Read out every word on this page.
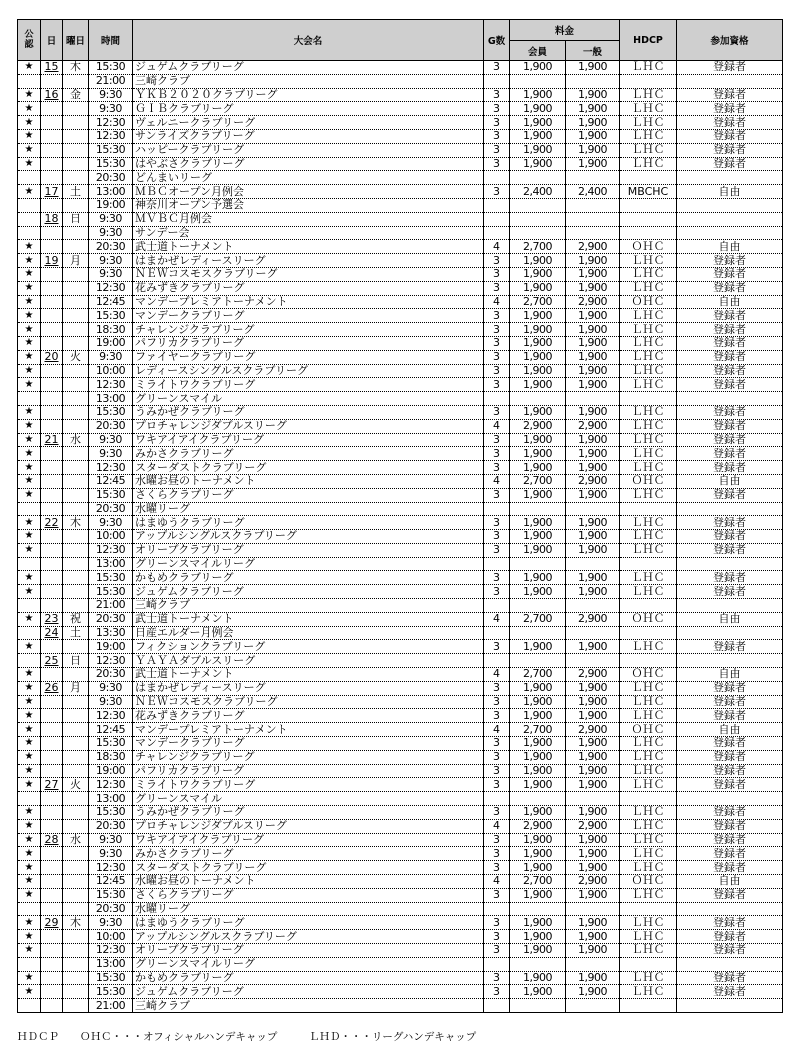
公認	日	曜日	時間	大会名	G数	料金		HDCP	参加資格
						会員	一般		
★	15	木	15:30	ジュゲムクラブリーグ	3	1,900	1,900	ＬＨＣ	登録者
			21:00	三崎クラブ					
★	16	金	9:30	ＹＫＢ２０２０クラブリーグ	3	1,900	1,900	ＬＨＣ	登録者
★			9:30	ＧＩＢクラブリーグ	3	1,900	1,900	ＬＨＣ	登録者
★			12:30	ヴェルニークラブリーグ	3	1,900	1,900	ＬＨＣ	登録者
★			12:30	サンライズクラブリーグ	3	1,900	1,900	ＬＨＣ	登録者
★			15:30	ハッピークラブリーグ	3	1,900	1,900	ＬＨＣ	登録者
★			15:30	はやぶさクラブリーグ	3	1,900	1,900	ＬＨＣ	登録者
			20:30	どんまいリーグ					
★	17	土	13:00	ＭＢＣオープン月例会	3	2,400	2,400	MBCHC	自由
			19:00	神奈川オープン予選会					
	18	日	9:30	ＭＶＢＣ月例会					
			9:30	サンデー会					
★			20:30	武士道トーナメント	4	2,700	2,900	ＯＨＣ	自由
★	19	月	9:30	はまかぜレディースリーグ	3	1,900	1,900	ＬＨＣ	登録者
★			9:30	ＮＥＷコスモスクラブリーグ	3	1,900	1,900	ＬＨＣ	登録者
★			12:30	花みずきクラブリーグ	3	1,900	1,900	ＬＨＣ	登録者
★			12:45	マンデープレミアトーナメント	4	2,700	2,900	ＯＨＣ	自由
★			15:30	マンデークラブリーグ	3	1,900	1,900	ＬＨＣ	登録者
★			18:30	チャレンジクラブリーグ	3	1,900	1,900	ＬＨＣ	登録者
★			19:00	パフリカクラブリーグ	3	1,900	1,900	ＬＨＣ	登録者
★	20	火	9:30	ファイヤークラブリーグ	3	1,900	1,900	ＬＨＣ	登録者
★			10:00	レディースシングルスクラブリーグ	3	1,900	1,900	ＬＨＣ	登録者
★			12:30	ミライトワクラブリーグ	3	1,900	1,900	ＬＨＣ	登録者
			13:00	グリーンスマイル					
★			15:30	うみかぜクラブリーグ	3	1,900	1,900	ＬＨＣ	登録者
★			20:30	プロチャレンジダブルスリーグ	4	2,900	2,900	ＬＨＣ	登録者
★	21	水	9:30	ワキアイアイクラブリーグ	3	1,900	1,900	ＬＨＣ	登録者
★			9:30	みかさクラブリーグ	3	1,900	1,900	ＬＨＣ	登録者
★			12:30	スターダストクラブリーグ	3	1,900	1,900	ＬＨＣ	登録者
★			12:45	水曜お昼のトーナメント	4	2,700	2,900	ＯＨＣ	自由
★			15:30	さくらクラブリーグ	3	1,900	1,900	ＬＨＣ	登録者
			20:30	水曜リーグ					
★	22	木	9:30	はまゆうクラブリーグ	3	1,900	1,900	ＬＨＣ	登録者
★			10:00	アップルシングルスクラブリーグ	3	1,900	1,900	ＬＨＣ	登録者
★			12:30	オリーブクラブリーグ	3	1,900	1,900	ＬＨＣ	登録者
			13:00	グリーンスマイルリーグ					
★			15:30	かもめクラブリーグ	3	1,900	1,900	ＬＨＣ	登録者
★			15:30	ジュゲムクラブリーグ	3	1,900	1,900	ＬＨＣ	登録者
			21:00	三崎クラブ					
★	23	祝	20:30	武士道トーナメント	4	2,700	2,900	ＯＨＣ	自由
	24	土	13:30	日産エルダー月例会					
★			19:00	フィクションクラブリーグ	3	1,900	1,900	ＬＨＣ	登録者
	25	日	12:30	ＹＡＹＡダブルスリーグ					
★			20:30	武士道トーナメント	4	2,700	2,900	ＯＨＣ	自由
★	26	月	9:30	はまかぜレディースリーグ	3	1,900	1,900	ＬＨＣ	登録者
★			9:30	ＮＥＷコスモスクラブリーグ	3	1,900	1,900	ＬＨＣ	登録者
★			12:30	花みずきクラブリーグ	3	1,900	1,900	ＬＨＣ	登録者
★			12:45	マンデープレミアトーナメント	4	2,700	2,900	ＯＨＣ	自由
★			15:30	マンデークラブリーグ	3	1,900	1,900	ＬＨＣ	登録者
★			18:30	チャレンジクラブリーグ	3	1,900	1,900	ＬＨＣ	登録者
★			19:00	パフリカクラブリーグ	3	1,900	1,900	ＬＨＣ	登録者
★	27	火	12:30	ミライトワクラブリーグ	3	1,900	1,900	ＬＨＣ	登録者
			13:00	グリーンスマイル					
★			15:30	うみかぜクラブリーグ	3	1,900	1,900	ＬＨＣ	登録者
★			20:30	プロチャレンジダブルスリーグ	4	2,900	2,900	ＬＨＣ	登録者
★	28	水	9:30	ワキアイアイクラブリーグ	3	1,900	1,900	ＬＨＣ	登録者
★			9:30	みかさクラブリーグ	3	1,900	1,900	ＬＨＣ	登録者
★			12:30	スターダストクラブリーグ	3	1,900	1,900	ＬＨＣ	登録者
★			12:45	水曜お昼のトーナメント	4	2,700	2,900	ＯＨＣ	自由
★			15:30	さくらクラブリーグ	3	1,900	1,900	ＬＨＣ	登録者
			20:30	水曜リーグ					
★	29	木	9:30	はまゆうクラブリーグ	3	1,900	1,900	ＬＨＣ	登録者
★			10:00	アップルシングルスクラブリーグ	3	1,900	1,900	ＬＨＣ	登録者
★			12:30	オリーブクラブリーグ	3	1,900	1,900	ＬＨＣ	登録者
			13:00	グリーンスマイルリーグ					
★			15:30	かもめクラブリーグ	3	1,900	1,900	ＬＨＣ	登録者
★			15:30	ジュゲムクラブリーグ	3	1,900	1,900	ＬＨＣ	登録者
			21:00	三崎クラブ					
ＨＤＣＰ　　ＯＨＣ・・・オフィシャルハンデキャップ　　　ＬＨＤ・・・リーグハンデキャップ
